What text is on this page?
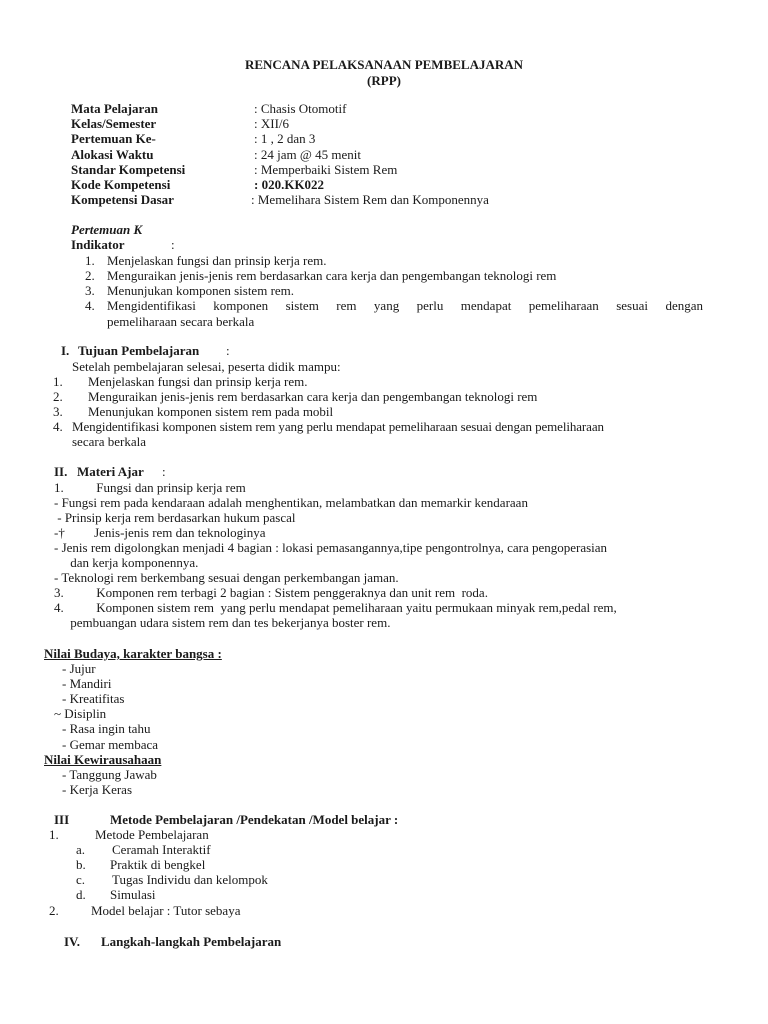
RENCANA PELAKSANAAN PEMBELAJARAN
(RPP)
Mata Pelajaran	: Chasis Otomotif
Kelas/Semester	: XII/6
Pertemuan Ke-	: 1 , 2 dan 3
Alokasi Waktu	: 24 jam @ 45 menit
Standar Kompetensi	: Memperbaiki Sistem Rem
Kode Kompetensi	: 020.KK022
Kompetensi Dasar	: Memelihara Sistem Rem dan Komponennya
Pertemuan K
Indikator	:
1. Menjelaskan fungsi dan prinsip kerja rem.
2. Menguraikan jenis-jenis rem berdasarkan cara kerja dan pengembangan teknologi rem
3. Menunjukan komponen sistem rem.
4. Mengidentifikasi komponen sistem rem yang perlu mendapat pemeliharaan sesuai dengan
pemeliharaan secara berkala
I. Tujuan Pembelajaran :
Setelah pembelajaran selesai, peserta didik mampu:
1. Menjelaskan fungsi dan prinsip kerja rem.
2. Menguraikan jenis-jenis rem berdasarkan cara kerja dan pengembangan teknologi rem
3. Menunjukan komponen sistem rem pada mobil
4. Mengidentifikasi komponen sistem rem yang perlu mendapat pemeliharaan sesuai dengan pemeliharaan
secara berkala
II. Materi Ajar :
1.          Fungsi dan prinsip kerja rem
- Fungsi rem pada kendaraan adalah menghentikan, melambatkan dan memarkir kendaraan
- Prinsip kerja rem berdasarkan hukum pascal
-†         Jenis-jenis rem dan teknologinya
- Jenis rem digolongkan menjadi 4 bagian : lokasi pemasangannya,tipe pengontrolnya, cara pengoperasian
dan kerja komponennya.
- Teknologi rem berkembang sesuai dengan perkembangan jaman.
3.          Komponen rem terbagi 2 bagian : Sistem penggeraknya dan unit rem  roda.
4.          Komponen sistem rem  yang perlu mendapat pemeliharaan yaitu permukaan minyak rem,pedal rem,
pembuangan udara sistem rem dan tes bekerjanya boster rem.
Nilai Budaya, karakter bangsa :
- Jujur
- Mandiri
- Kreatifitas
~ Disiplin
- Rasa ingin tahu
- Gemar membaca
Nilai Kewirausahaan
- Tanggung Jawab
- Kerja Keras
III	Metode Pembelajaran /Pendekatan /Model belajar :
1.	Metode Pembelajaran
a. Ceramah Interaktif
b. Praktik di bengkel
c. Tugas Individu dan kelompok
d. Simulasi
2. Model belajar : Tutor sebaya
IV. Langkah-langkah Pembelajaran
